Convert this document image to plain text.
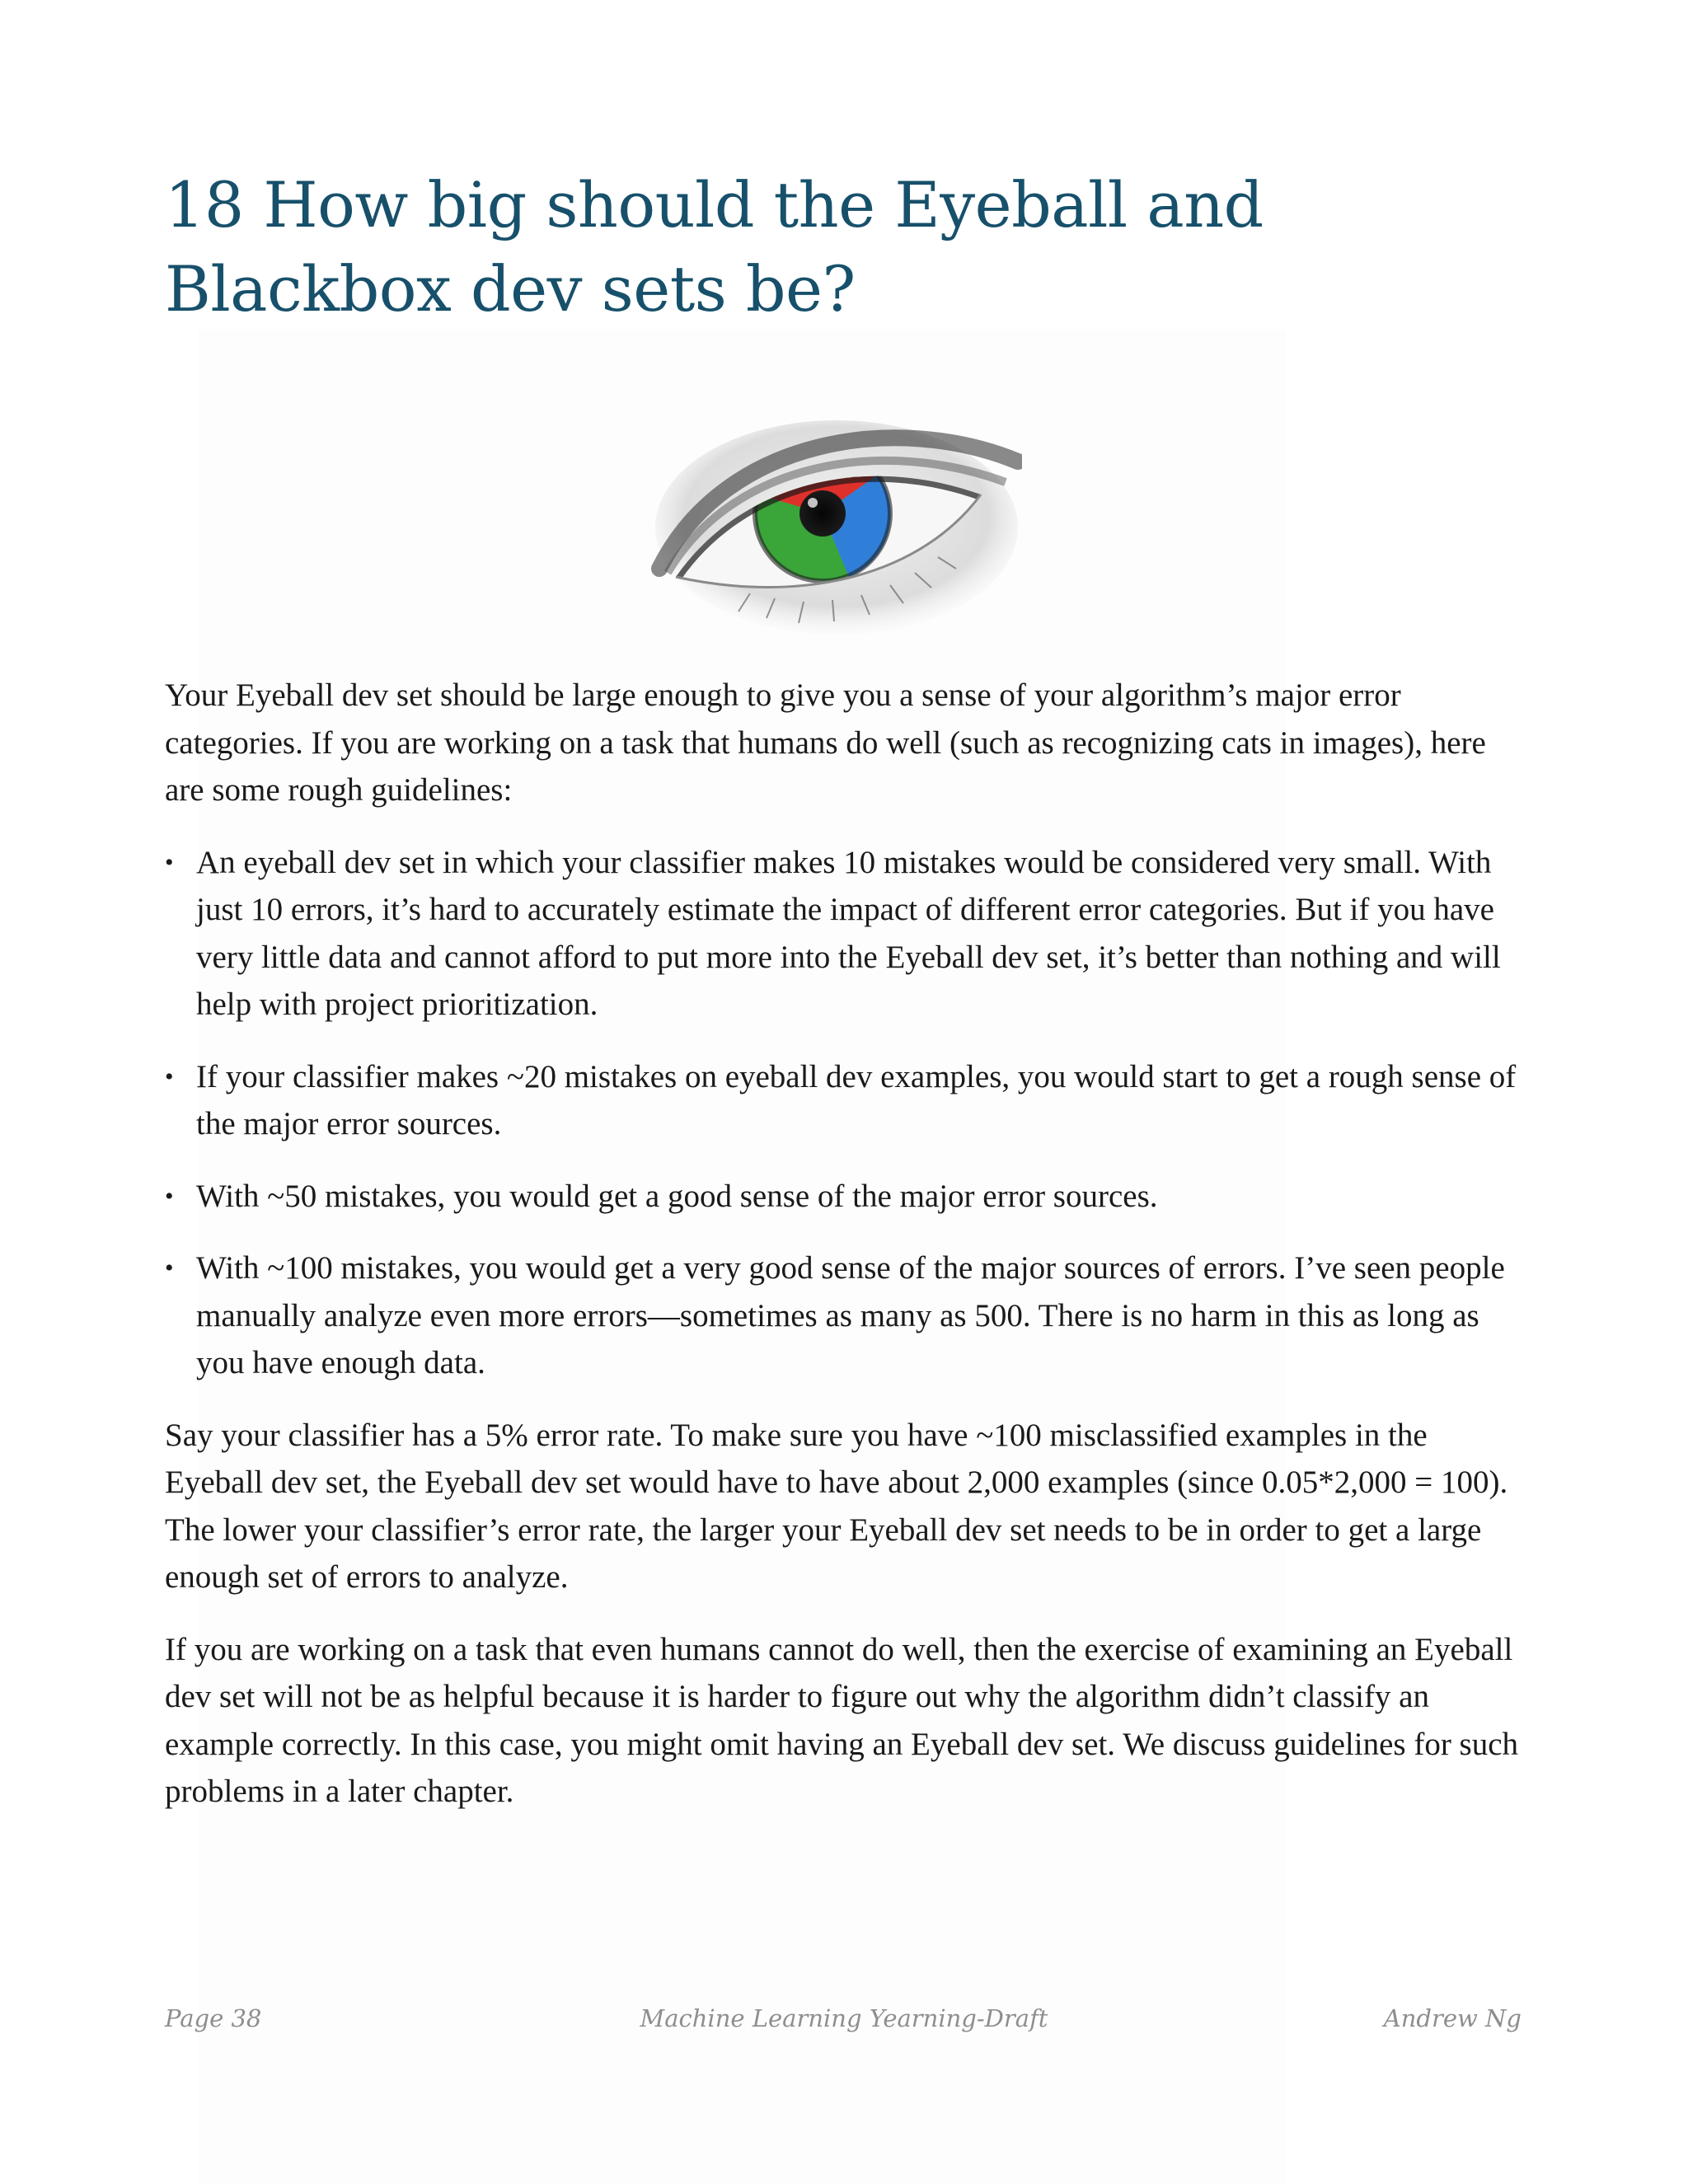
18 How big should the Eyeball and Blackbox dev sets be?

Your Eyeball dev set should be large enough to give you a sense of your algorithm’s major error categories. If you are working on a task that humans do well (such as recognizing cats in images), here are some rough guidelines:

• An eyeball dev set in which your classifier makes 10 mistakes would be considered very small. With just 10 errors, it’s hard to accurately estimate the impact of different error categories. But if you have very little data and cannot afford to put more into the Eyeball dev set, it’s better than nothing and will help with project prioritization.
• If your classifier makes ~20 mistakes on eyeball dev examples, you would start to get a rough sense of the major error sources.
• With ~50 mistakes, you would get a good sense of the major error sources.
• With ~100 mistakes, you would get a very good sense of the major sources of errors. I’ve seen people manually analyze even more errors—sometimes as many as 500. There is no harm in this as long as you have enough data.

Say your classifier has a 5% error rate. To make sure you have ~100 misclassified examples in the Eyeball dev set, the Eyeball dev set would have to have about 2,000 examples (since 0.05*2,000 = 100). The lower your classifier’s error rate, the larger your Eyeball dev set needs to be in order to get a large enough set of errors to analyze.

If you are working on a task that even humans cannot do well, then the exercise of examining an Eyeball dev set will not be as helpful because it is harder to figure out why the algorithm didn’t classify an example correctly. In this case, you might omit having an Eyeball dev set. We discuss guidelines for such problems in a later chapter.

Page 38	Machine Learning Yearning-Draft	Andrew Ng
